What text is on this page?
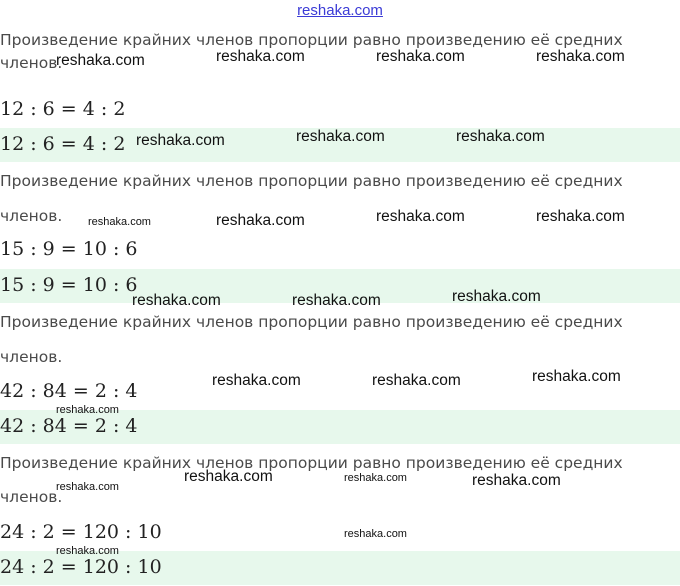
reshaka.com

Произведение крайних членов пропорции равно произведению её средних
членов.

12 : 6 = 4 : 2
12 : 6 = 4 : 2
Произведение крайних членов пропорции равно произведению её средних
членов.
15 : 9 = 10 : 6
15 : 9 = 10 : 6
Произведение крайних членов пропорции равно произведению её средних
членов.
42 : 84 = 2 : 4
42 : 84 = 2 : 4
Произведение крайних членов пропорции равно произведению её средних
членов.
24 : 2 = 120 : 10
24 : 2 = 120 : 10
reshaka.com	reshaka.com	reshaka.com	reshaka.com
reshaka.com	reshaka.com	reshaka.com
reshaka.com	reshaka.com	reshaka.com	reshaka.com
reshaka.com	reshaka.com	reshaka.com
reshaka.com	reshaka.com	reshaka.com
reshaka.com
reshaka.com	reshaka.com	reshaka.com
reshaka.com
reshaka.com
reshaka.com
